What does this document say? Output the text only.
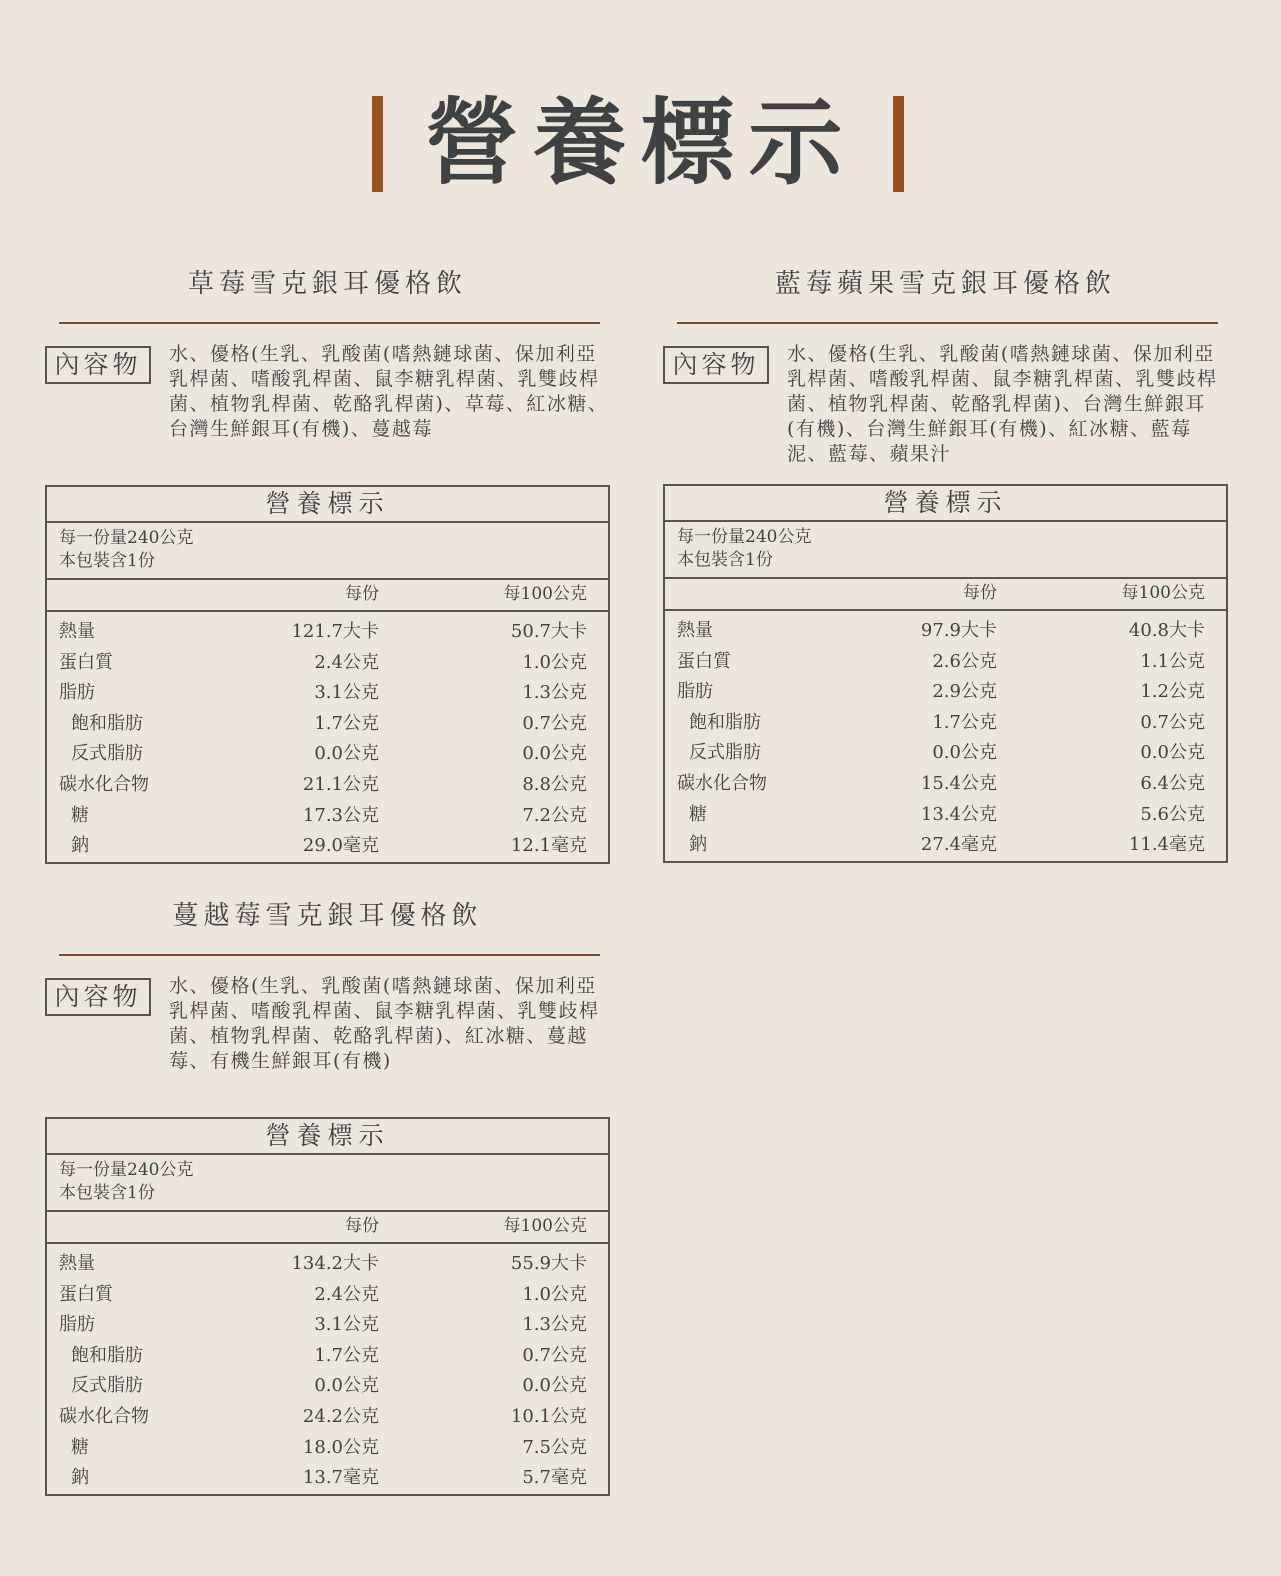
營養標示
草莓雪克銀耳優格飲
內容物	水、優格(生乳、乳酸菌(嗜熱鏈球菌、保加利亞乳桿菌、嗜酸乳桿菌、鼠李糖乳桿菌、乳雙歧桿菌、植物乳桿菌、乾酪乳桿菌)、草莓、紅冰糖、台灣生鮮銀耳(有機)、蔓越莓
營養標示
每一份量240公克
本包裝含1份
每份	每100公克
熱量	121.7大卡	50.7大卡
蛋白質	2.4公克	1.0公克
脂肪	3.1公克	1.3公克
飽和脂肪	1.7公克	0.7公克
反式脂肪	0.0公克	0.0公克
碳水化合物	21.1公克	8.8公克
糖	17.3公克	7.2公克
鈉	29.0毫克	12.1毫克
藍莓蘋果雪克銀耳優格飲
內容物	水、優格(生乳、乳酸菌(嗜熱鏈球菌、保加利亞乳桿菌、嗜酸乳桿菌、鼠李糖乳桿菌、乳雙歧桿菌、植物乳桿菌、乾酪乳桿菌)、台灣生鮮銀耳(有機)、台灣生鮮銀耳(有機)、紅冰糖、藍莓泥、藍莓、蘋果汁
營養標示
每一份量240公克
本包裝含1份
每份	每100公克
熱量	97.9大卡	40.8大卡
蛋白質	2.6公克	1.1公克
脂肪	2.9公克	1.2公克
飽和脂肪	1.7公克	0.7公克
反式脂肪	0.0公克	0.0公克
碳水化合物	15.4公克	6.4公克
糖	13.4公克	5.6公克
鈉	27.4毫克	11.4毫克
蔓越莓雪克銀耳優格飲
內容物	水、優格(生乳、乳酸菌(嗜熱鏈球菌、保加利亞乳桿菌、嗜酸乳桿菌、鼠李糖乳桿菌、乳雙歧桿菌、植物乳桿菌、乾酪乳桿菌)、紅冰糖、蔓越莓、有機生鮮銀耳(有機)
營養標示
每一份量240公克
本包裝含1份
每份	每100公克
熱量	134.2大卡	55.9大卡
蛋白質	2.4公克	1.0公克
脂肪	3.1公克	1.3公克
飽和脂肪	1.7公克	0.7公克
反式脂肪	0.0公克	0.0公克
碳水化合物	24.2公克	10.1公克
糖	18.0公克	7.5公克
鈉	13.7毫克	5.7毫克
